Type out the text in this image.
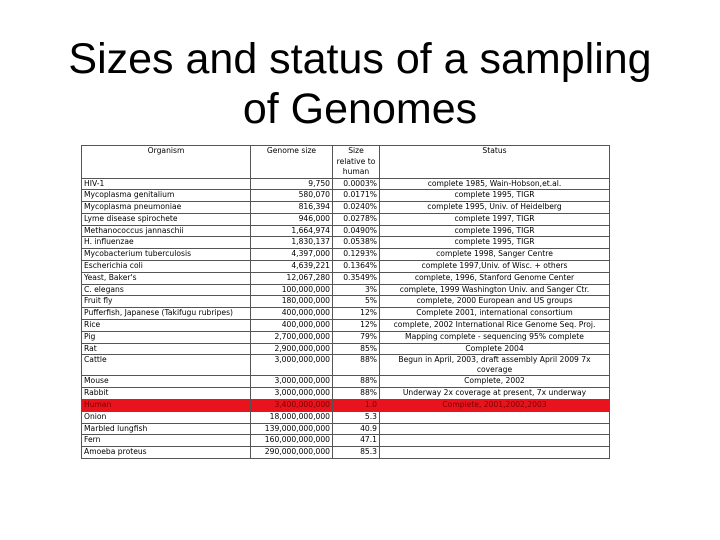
Sizes and status of a sampling
of Genomes
Organism	Genome size	Size relative to human	Status
HIV-1	9,750	0.0003%	complete 1985, Wain-Hobson,et.al.
Mycoplasma genitalium	580,070	0.0171%	complete 1995, TIGR
Mycoplasma pneumoniae	816,394	0.0240%	complete 1995, Univ. of Heidelberg
Lyme disease spirochete	946,000	0.0278%	complete 1997, TIGR
Methanococcus jannaschii	1,664,974	0.0490%	complete 1996, TIGR
H. influenzae	1,830,137	0.0538%	complete 1995, TIGR
Mycobacterium tuberculosis	4,397,000	0.1293%	complete 1998, Sanger Centre
Escherichia coli	4,639,221	0.1364%	complete 1997,Univ. of Wisc. + others
Yeast, Baker's	12,067,280	0.3549%	complete, 1996, Stanford Genome Center
C. elegans	100,000,000	3%	complete, 1999 Washington Univ. and Sanger Ctr.
Fruit fly	180,000,000	5%	complete, 2000 European and US groups
Pufferfish, Japanese (Takifugu rubripes)	400,000,000	12%	Complete 2001, international consortium
Rice	400,000,000	12%	complete, 2002 International Rice Genome Seq. Proj.
Pig	2,700,000,000	79%	Mapping complete - sequencing 95% complete
Rat	2,900,000,000	85%	Complete 2004
Cattle	3,000,000,000	88%	Begun in April, 2003, draft assembly April 2009 7x coverage
Mouse	3,000,000,000	88%	Complete, 2002
Rabbit	3,000,000,000	88%	Underway 2x coverage at present, 7x underway
Human	3,400,000,000	1.0	Complete, 2001,2002,2003
Onion	18,000,000,000	5.3	
Marbled lungfish	139,000,000,000	40.9	
Fern	160,000,000,000	47.1	
Amoeba proteus	290,000,000,000	85.3	
